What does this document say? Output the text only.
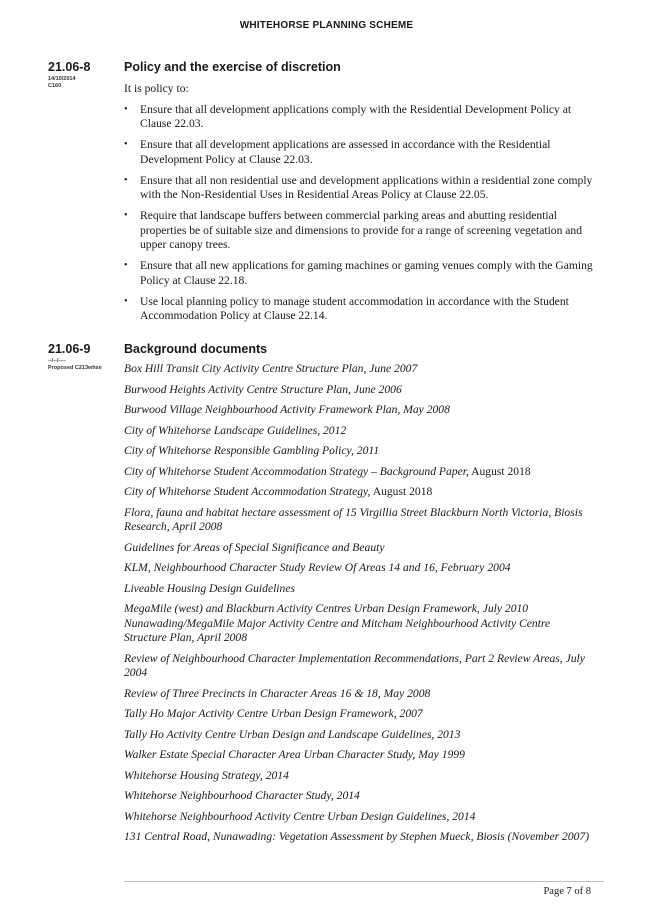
WHITEHORSE PLANNING SCHEME
21.06-8
14/10/2014
C160
Policy and the exercise of discretion
It is policy to:
• Ensure that all development applications comply with the Residential Development Policy at Clause 22.03.
• Ensure that all development applications are assessed in accordance with the Residential Development Policy at Clause 22.03.
• Ensure that all non residential use and development applications within a residential zone comply with the Non-Residential Uses in Residential Areas Policy at Clause 22.05.
• Require that landscape buffers between commercial parking areas and abutting residential properties be of suitable size and dimensions to provide for a range of screening vegetation and upper canopy trees.
• Ensure that all new applications for gaming machines or gaming venues comply with the Gaming Policy at Clause 22.18.
• Use local planning policy to manage student accommodation in accordance with the Student Accommodation Policy at Clause 22.14.
21.06-9
--/--/----
Proposed C213whse
Background documents

Box Hill Transit City Activity Centre Structure Plan, June 2007

Burwood Heights Activity Centre Structure Plan, June 2006

Burwood Village Neighbourhood Activity Framework Plan, May 2008

City of Whitehorse Landscape Guidelines, 2012

City of Whitehorse Responsible Gambling Policy, 2011

City of Whitehorse Student Accommodation Strategy – Background Paper, August 2018

City of Whitehorse Student Accommodation Strategy, August 2018

Flora, fauna and habitat hectare assessment of 15 Virgillia Street Blackburn North Victoria, Biosis Research, April 2008

Guidelines for Areas of Special Significance and Beauty

KLM, Neighbourhood Character Study Review Of Areas 14 and 16, February 2004

Liveable Housing Design Guidelines

MegaMile (west) and Blackburn Activity Centres Urban Design Framework, July 2010

Nunawading/MegaMile Major Activity Centre and Mitcham Neighbourhood Activity Centre Structure Plan, April 2008

Review of Neighbourhood Character Implementation Recommendations, Part 2 Review Areas, July 2004

Review of Three Precincts in Character Areas 16 & 18, May 2008

Tally Ho Major Activity Centre Urban Design Framework, 2007

Tally Ho Activity Centre Urban Design and Landscape Guidelines, 2013

Walker Estate Special Character Area Urban Character Study, May 1999

Whitehorse Housing Strategy, 2014

Whitehorse Neighbourhood Character Study, 2014

Whitehorse Neighbourhood Activity Centre Urban Design Guidelines, 2014

131 Central Road, Nunawading: Vegetation Assessment by Stephen Mueck, Biosis (November 2007)

Page 7 of 8
